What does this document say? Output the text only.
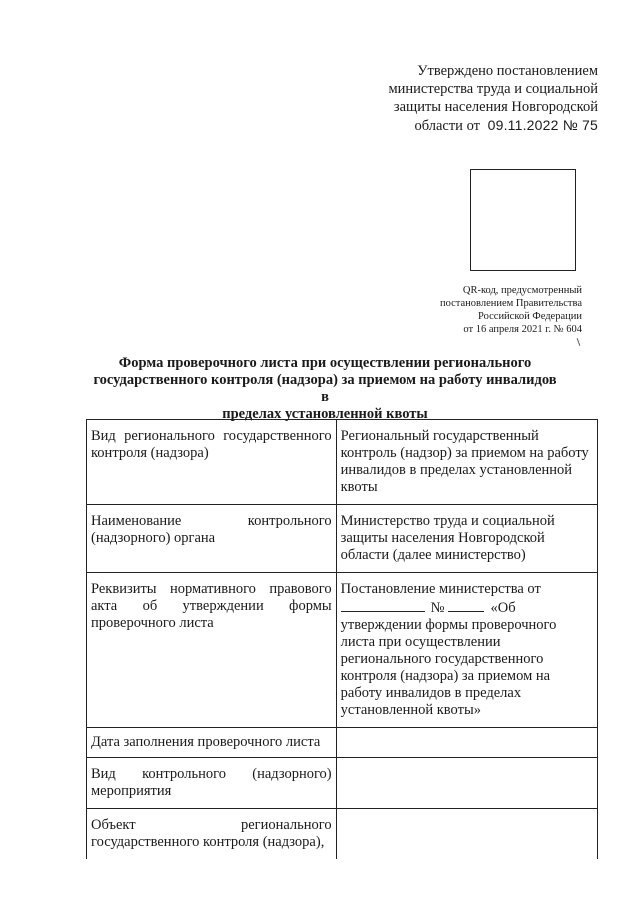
Утверждено постановлением
министерства труда и социальной
защиты населения Новгородской
области от 09.11.2022 № 75
QR-код, предусмотренный
постановлением Правительства
Российской Федерации
от 16 апреля 2021 г. № 604
Форма проверочного листа при осуществлении регионального
государственного контроля (надзора) за приемом на работу инвалидов в
пределах установленной квоты
Вид регионального государственного контроля (надзора)	Региональный государственный контроль (надзор) за приемом на работу инвалидов в пределах установленной квоты
Наименование контрольного (надзорного) органа	Министерство труда и социальной защиты населения Новгородской области (далее министерство)
Реквизиты нормативного правового акта об утверждении формы проверочного листа	Постановление министерства от
№ «Об утверждении формы проверочного листа при осуществлении регионального государственного контроля (надзора) за приемом на работу инвалидов в пределах установленной квоты»
Дата заполнения проверочного листа	
Вид контрольного (надзорного) мероприятия	
Объект регионального государственного контроля (надзора),	
